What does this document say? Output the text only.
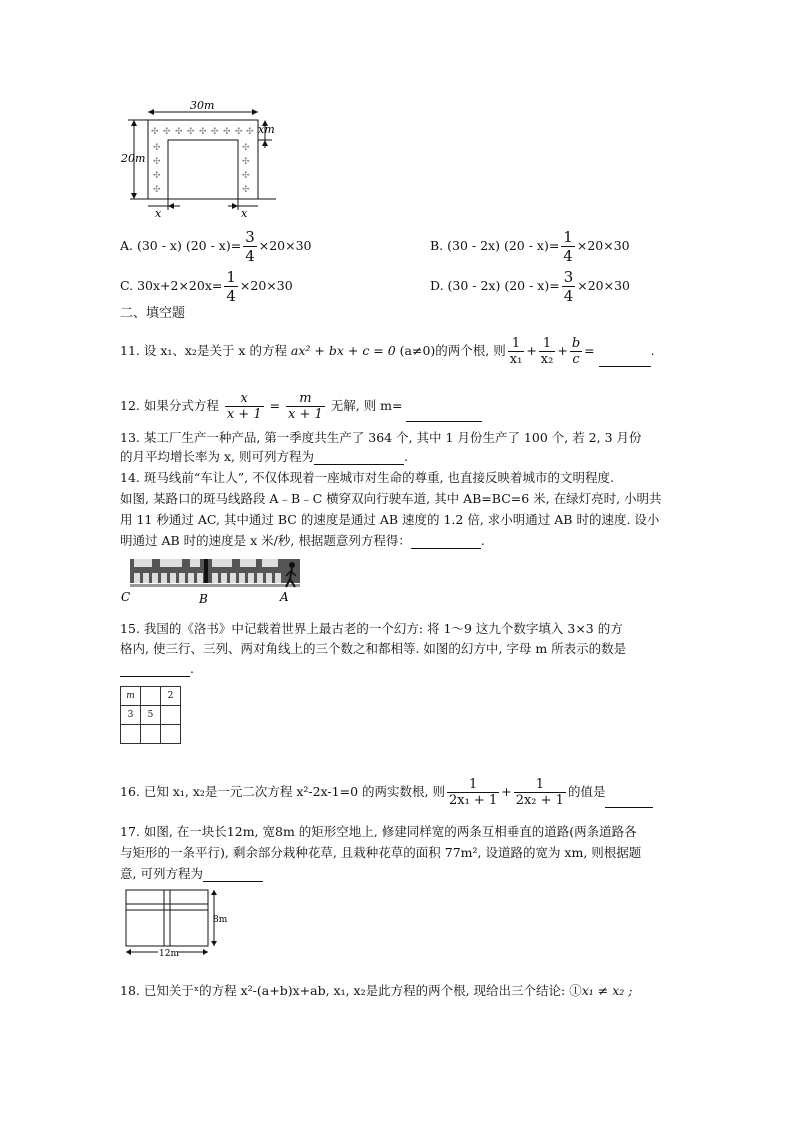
30m
20m
✣ ✣ ✣ ✣ ✣ ✣ ✣ ✣ ✣
✣
✣
✣
✣
✣
✣
✣
✣
xm
x	x
A. (30 - x) $(20 - x)= \frac{3}{4} \times 20\times 30$	B. (30 - 2x) $(20 - x)= \frac{1}{4} \times 20\times 30$
C. $30x+2\times 20x= \frac{1}{4} \times 20\times 30$	D. (30 - 2x) $(20 - x)= \frac{3}{4} \times 20\times 30$
二、填空题
11. 设 x₁、x₂是关于 x 的方程 ax² + bx + c = 0 (a≠0)的两个根, 则 $\frac{1}{\text{x₁}} + \frac{1}{\text{x₂}} + \frac{b}{c}$ =	.
12. 如果分式方程 $\frac{x}{x + 1} = \frac{m}{x + 1}$ 无解, 则 m=
13. 某工厂生产一种产品, 第一季度共生产了 364 个, 其中 1 月份生产了 100 个, 若 2, 3 月份
的月平均增长率为 x, 则可列方程为	.
14. 斑马线前“车让人”, 不仅体现着一座城市对生命的尊重, 也直接反映着城市的文明程度.
如图, 某路口的斑马线路段 A﹣B﹣C 横穿双向行驶车道, 其中 AB=BC=6 米, 在绿灯亮时, 小明共
用 11 秒通过 AC, 其中通过 BC 的速度是通过 AB 速度的 1.2 倍, 求小明通过 AB 时的速度. 设小
明通过 AB 时的速度是 x 米/秒, 根据题意列方程得：	.
C	B	A
15. 我国的《洛书》中记载着世界上最古老的一个幻方: 将 1～9 这九个数字填入 3×3 的方
格内, 使三行、三列、两对角线上的三个数之和都相等. 如图的幻方中, 字母 m 所表示的数是
.
m		2
3	5	

16. 已知 x₁, x₂是一元二次方程 x²-2x-1=0 的两实数根, 则 $\frac{1}{\text{2x₁ + 1}} + \frac{1}{\text{2x₂ + 1}}$ 的值是
17. 如图, 在一块长12m, 宽8m 的矩形空地上, 修建同样宽的两条互相垂直的道路(两条道路各
与矩形的一条平行), 剩余部分栽种花草, 且栽种花草的面积 77m², 设道路的宽为 xm, 则根据题
意, 可列方程为
8m
12m
18. 已知关于ˣ的方程 x²-(a+b)x+ab, x₁, x₂是此方程的两个根, 现给出三个结论: ①x₁ ≠ x₂ ;
